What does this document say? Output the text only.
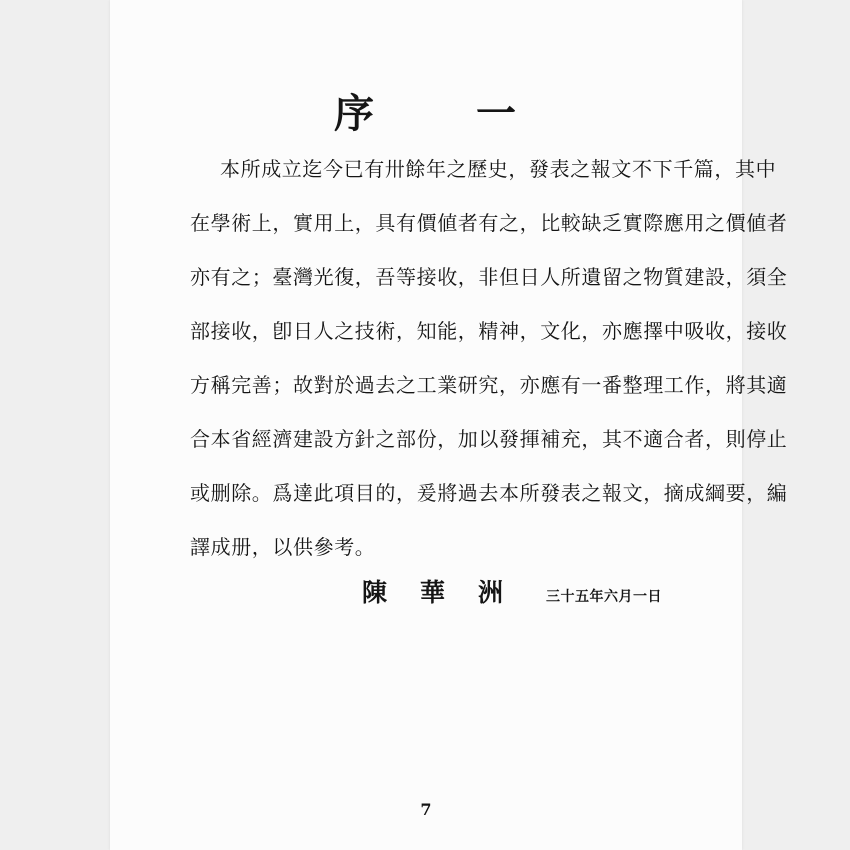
序	一
本所成立迄今已有卅餘年之歷史，發表之報文不下千篇，其中
在學術上，實用上，具有價値者有之，比較缺乏實際應用之價値者
亦有之；臺灣光復，吾等接收，非但日人所遺留之物質建設，須全
部接收，卽日人之技術，知能，精神，文化，亦應擇中吸收，接收
方稱完善；故對於過去之工業研究，亦應有一番整理工作，將其適
合本省經濟建設方針之部份，加以發揮補充，其不適合者，則停止
或删除。爲達此項目的，爰將過去本所發表之報文，摘成綱要，編
譯成册，以供參考。
陳	華	洲	三十五年六月一日
7
